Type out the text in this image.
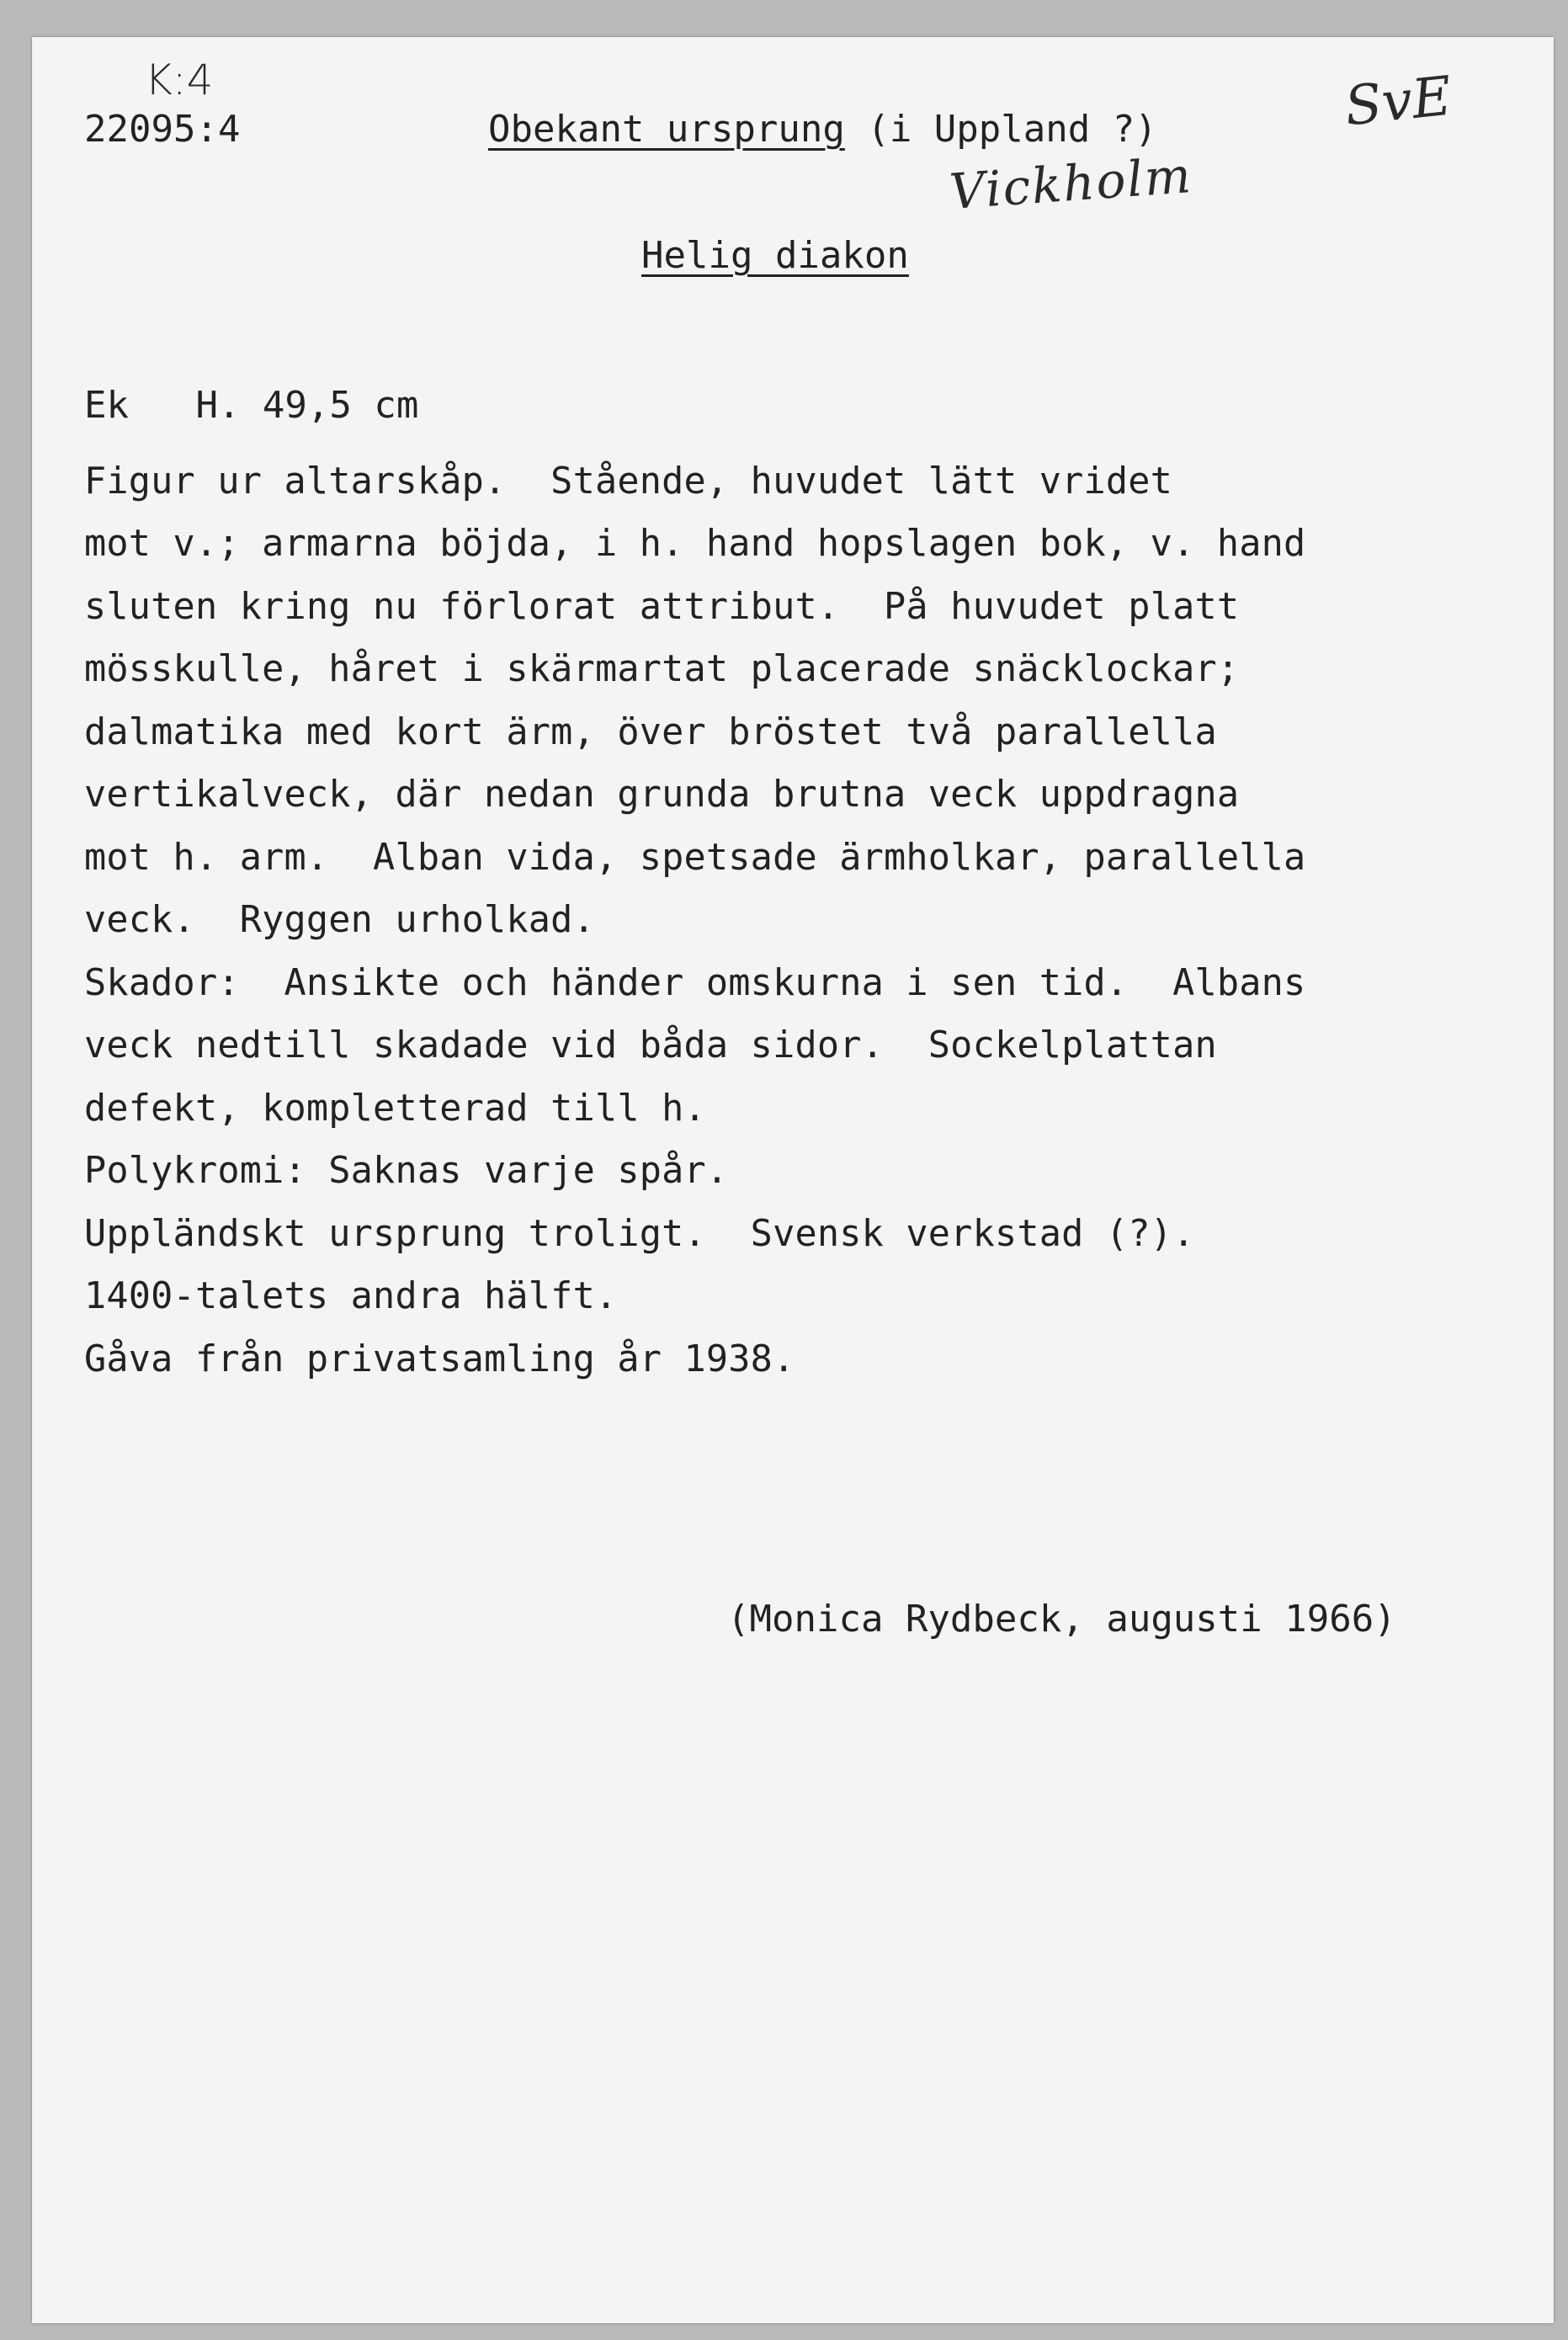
K:4
22095:4	Obekant ursprung (i Uppland ?)
Vickholm
SvE
Helig diakon
Ek   H. 49,5 cm
Figur ur altarskåp.  Stående, huvudet lätt vridet
mot v.; armarna böjda, i h. hand hopslagen bok, v. hand
sluten kring nu förlorat attribut.  På huvudet platt
mösskulle, håret i skärmartat placerade snäcklockar;
dalmatika med kort ärm, över bröstet två parallella
vertikalveck, där nedan grunda brutna veck uppdragna
mot h. arm.  Alban vida, spetsade ärmholkar, parallella
veck.  Ryggen urholkad.
Skador:  Ansikte och händer omskurna i sen tid.  Albans
veck nedtill skadade vid båda sidor.  Sockelplattan
defekt, kompletterad till h.
Polykromi: Saknas varje spår.
Uppländskt ursprung troligt.  Svensk verkstad (?).
1400-talets andra hälft.
Gåva från privatsamling år 1938.
(Monica Rydbeck, augusti 1966)
